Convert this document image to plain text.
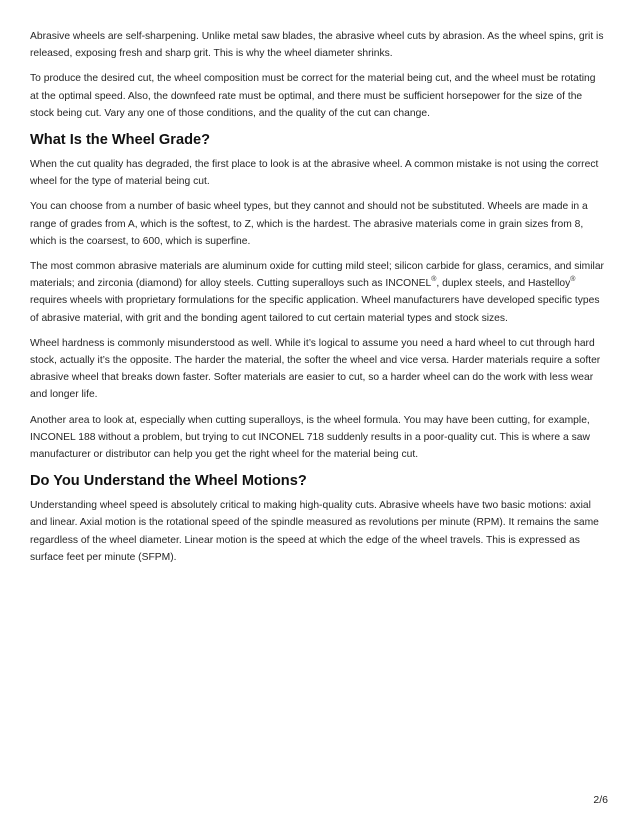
Abrasive wheels are self-sharpening. Unlike metal saw blades, the abrasive wheel cuts by abrasion. As the wheel spins, grit is released, exposing fresh and sharp grit. This is why the wheel diameter shrinks.

To produce the desired cut, the wheel composition must be correct for the material being cut, and the wheel must be rotating at the optimal speed. Also, the downfeed rate must be optimal, and there must be sufficient horsepower for the size of the stock being cut. Vary any one of those conditions, and the quality of the cut can change.

What Is the Wheel Grade?

When the cut quality has degraded, the first place to look is at the abrasive wheel. A common mistake is not using the correct wheel for the type of material being cut.

You can choose from a number of basic wheel types, but they cannot and should not be substituted. Wheels are made in a range of grades from A, which is the softest, to Z, which is the hardest. The abrasive materials come in grain sizes from 8, which is the coarsest, to 600, which is superfine.

The most common abrasive materials are aluminum oxide for cutting mild steel; silicon carbide for glass, ceramics, and similar materials; and zirconia (diamond) for alloy steels. Cutting superalloys such as INCONEL®, duplex steels, and Hastelloy® requires wheels with proprietary formulations for the specific application. Wheel manufacturers have developed specific types of abrasive material, with grit and the bonding agent tailored to cut certain material types and stock sizes.

Wheel hardness is commonly misunderstood as well. While it’s logical to assume you need a hard wheel to cut through hard stock, actually it’s the opposite. The harder the material, the softer the wheel and vice versa. Harder materials require a softer abrasive wheel that breaks down faster. Softer materials are easier to cut, so a harder wheel can do the work with less wear and longer life.

Another area to look at, especially when cutting superalloys, is the wheel formula. You may have been cutting, for example, INCONEL 188 without a problem, but trying to cut INCONEL 718 suddenly results in a poor-quality cut. This is where a saw manufacturer or distributor can help you get the right wheel for the material being cut.

Do You Understand the Wheel Motions?

Understanding wheel speed is absolutely critical to making high-quality cuts. Abrasive wheels have two basic motions: axial and linear. Axial motion is the rotational speed of the spindle measured as revolutions per minute (RPM). It remains the same regardless of the wheel diameter. Linear motion is the speed at which the edge of the wheel travels. This is expressed as surface feet per minute (SFPM).

2/6
